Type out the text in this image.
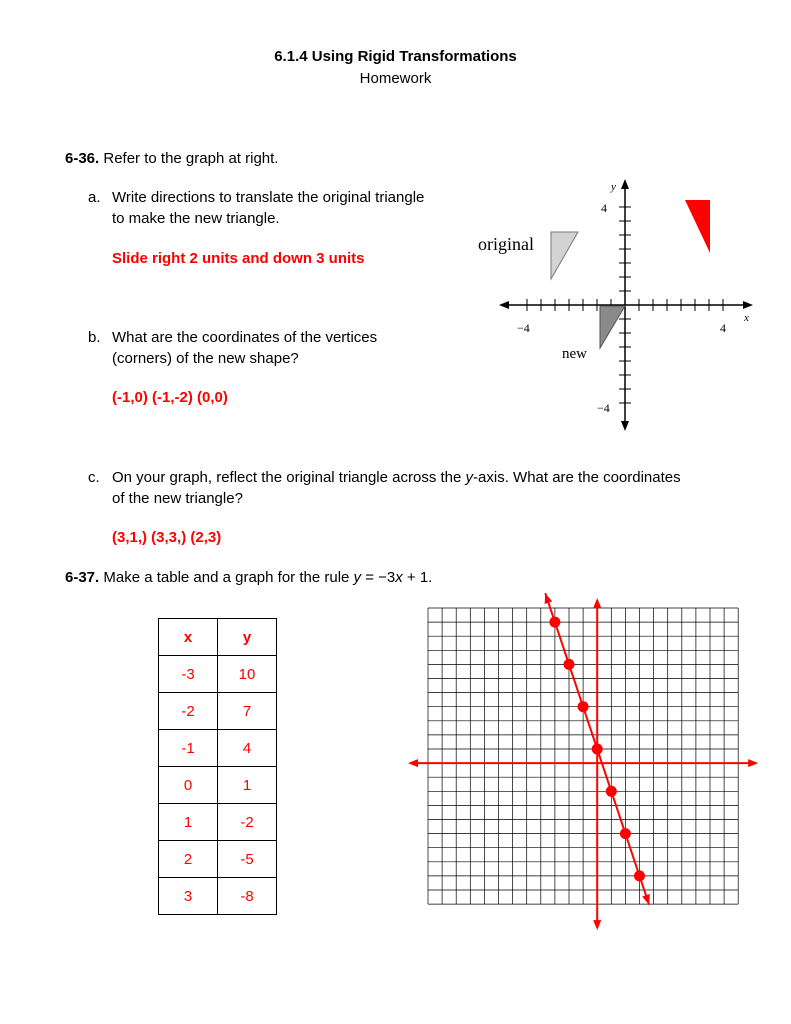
6.1.4 Using Rigid Transformations
Homework
6-36. Refer to the graph at right.
a. Write directions to translate the original triangle
to make the new triangle.
Slide right 2 units and down 3 units
b. What are the coordinates of the vertices
(corners) of the new shape?
(-1,0) (-1,-2) (0,0)
c. On your graph, reflect the original triangle across the y-axis. What are the coordinates
of the new triangle?
(3,1,) (3,3,) (2,3)
y
x
4
−4
−4	4
original
new
6-37. Make a table and a graph for the rule y = −3x + 1.
x	y
-3	10
-2	7
-1	4
0	1
1	-2
2	-5
3	-8
